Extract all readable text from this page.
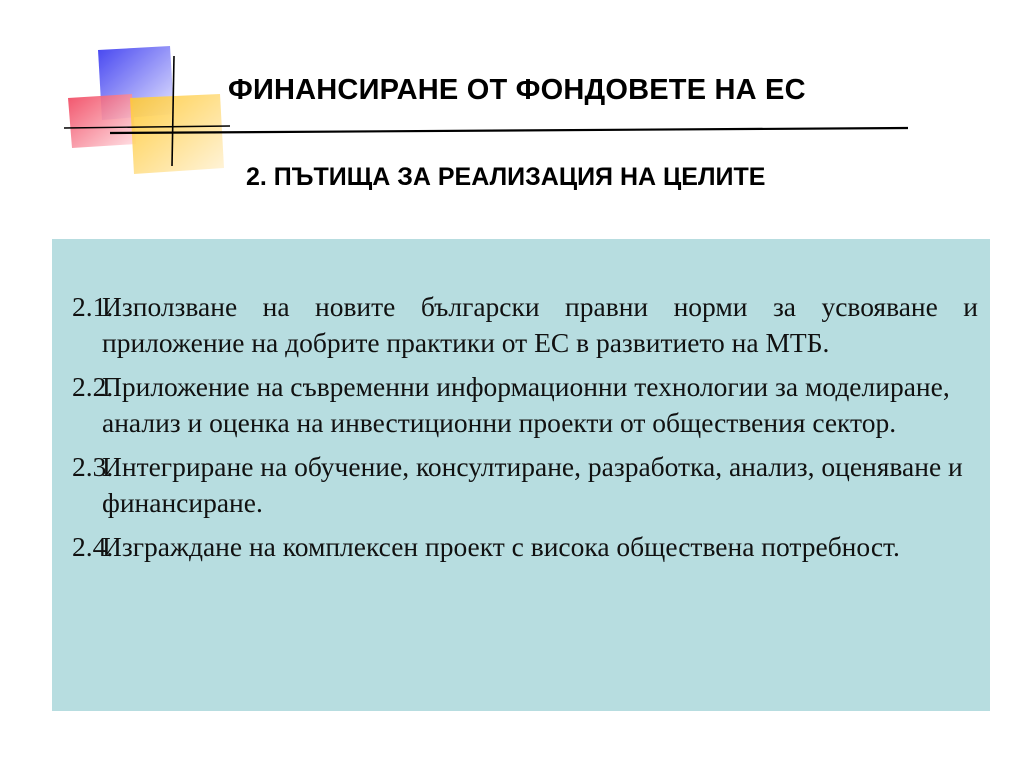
ФИНАНСИРАНЕ ОТ ФОНДОВЕТЕ НА ЕС
2. ПЪТИЩА ЗА РЕАЛИЗАЦИЯ НА ЦЕЛИТЕ

2.1.
Използване на новите български правни норми за усвояване и приложение на добрите практики от ЕС в развитието на МТБ.

2.2.
Приложение на съвременни информационни технологии за моделиране, анализ и оценка на инвестиционни проекти от обществения сектор.

2.3.
Интегриране на обучение, консултиране, разработка, анализ, оценяване и финансиране.

2.4.
Изграждане на комплексен проект с висока обществена потребност.
